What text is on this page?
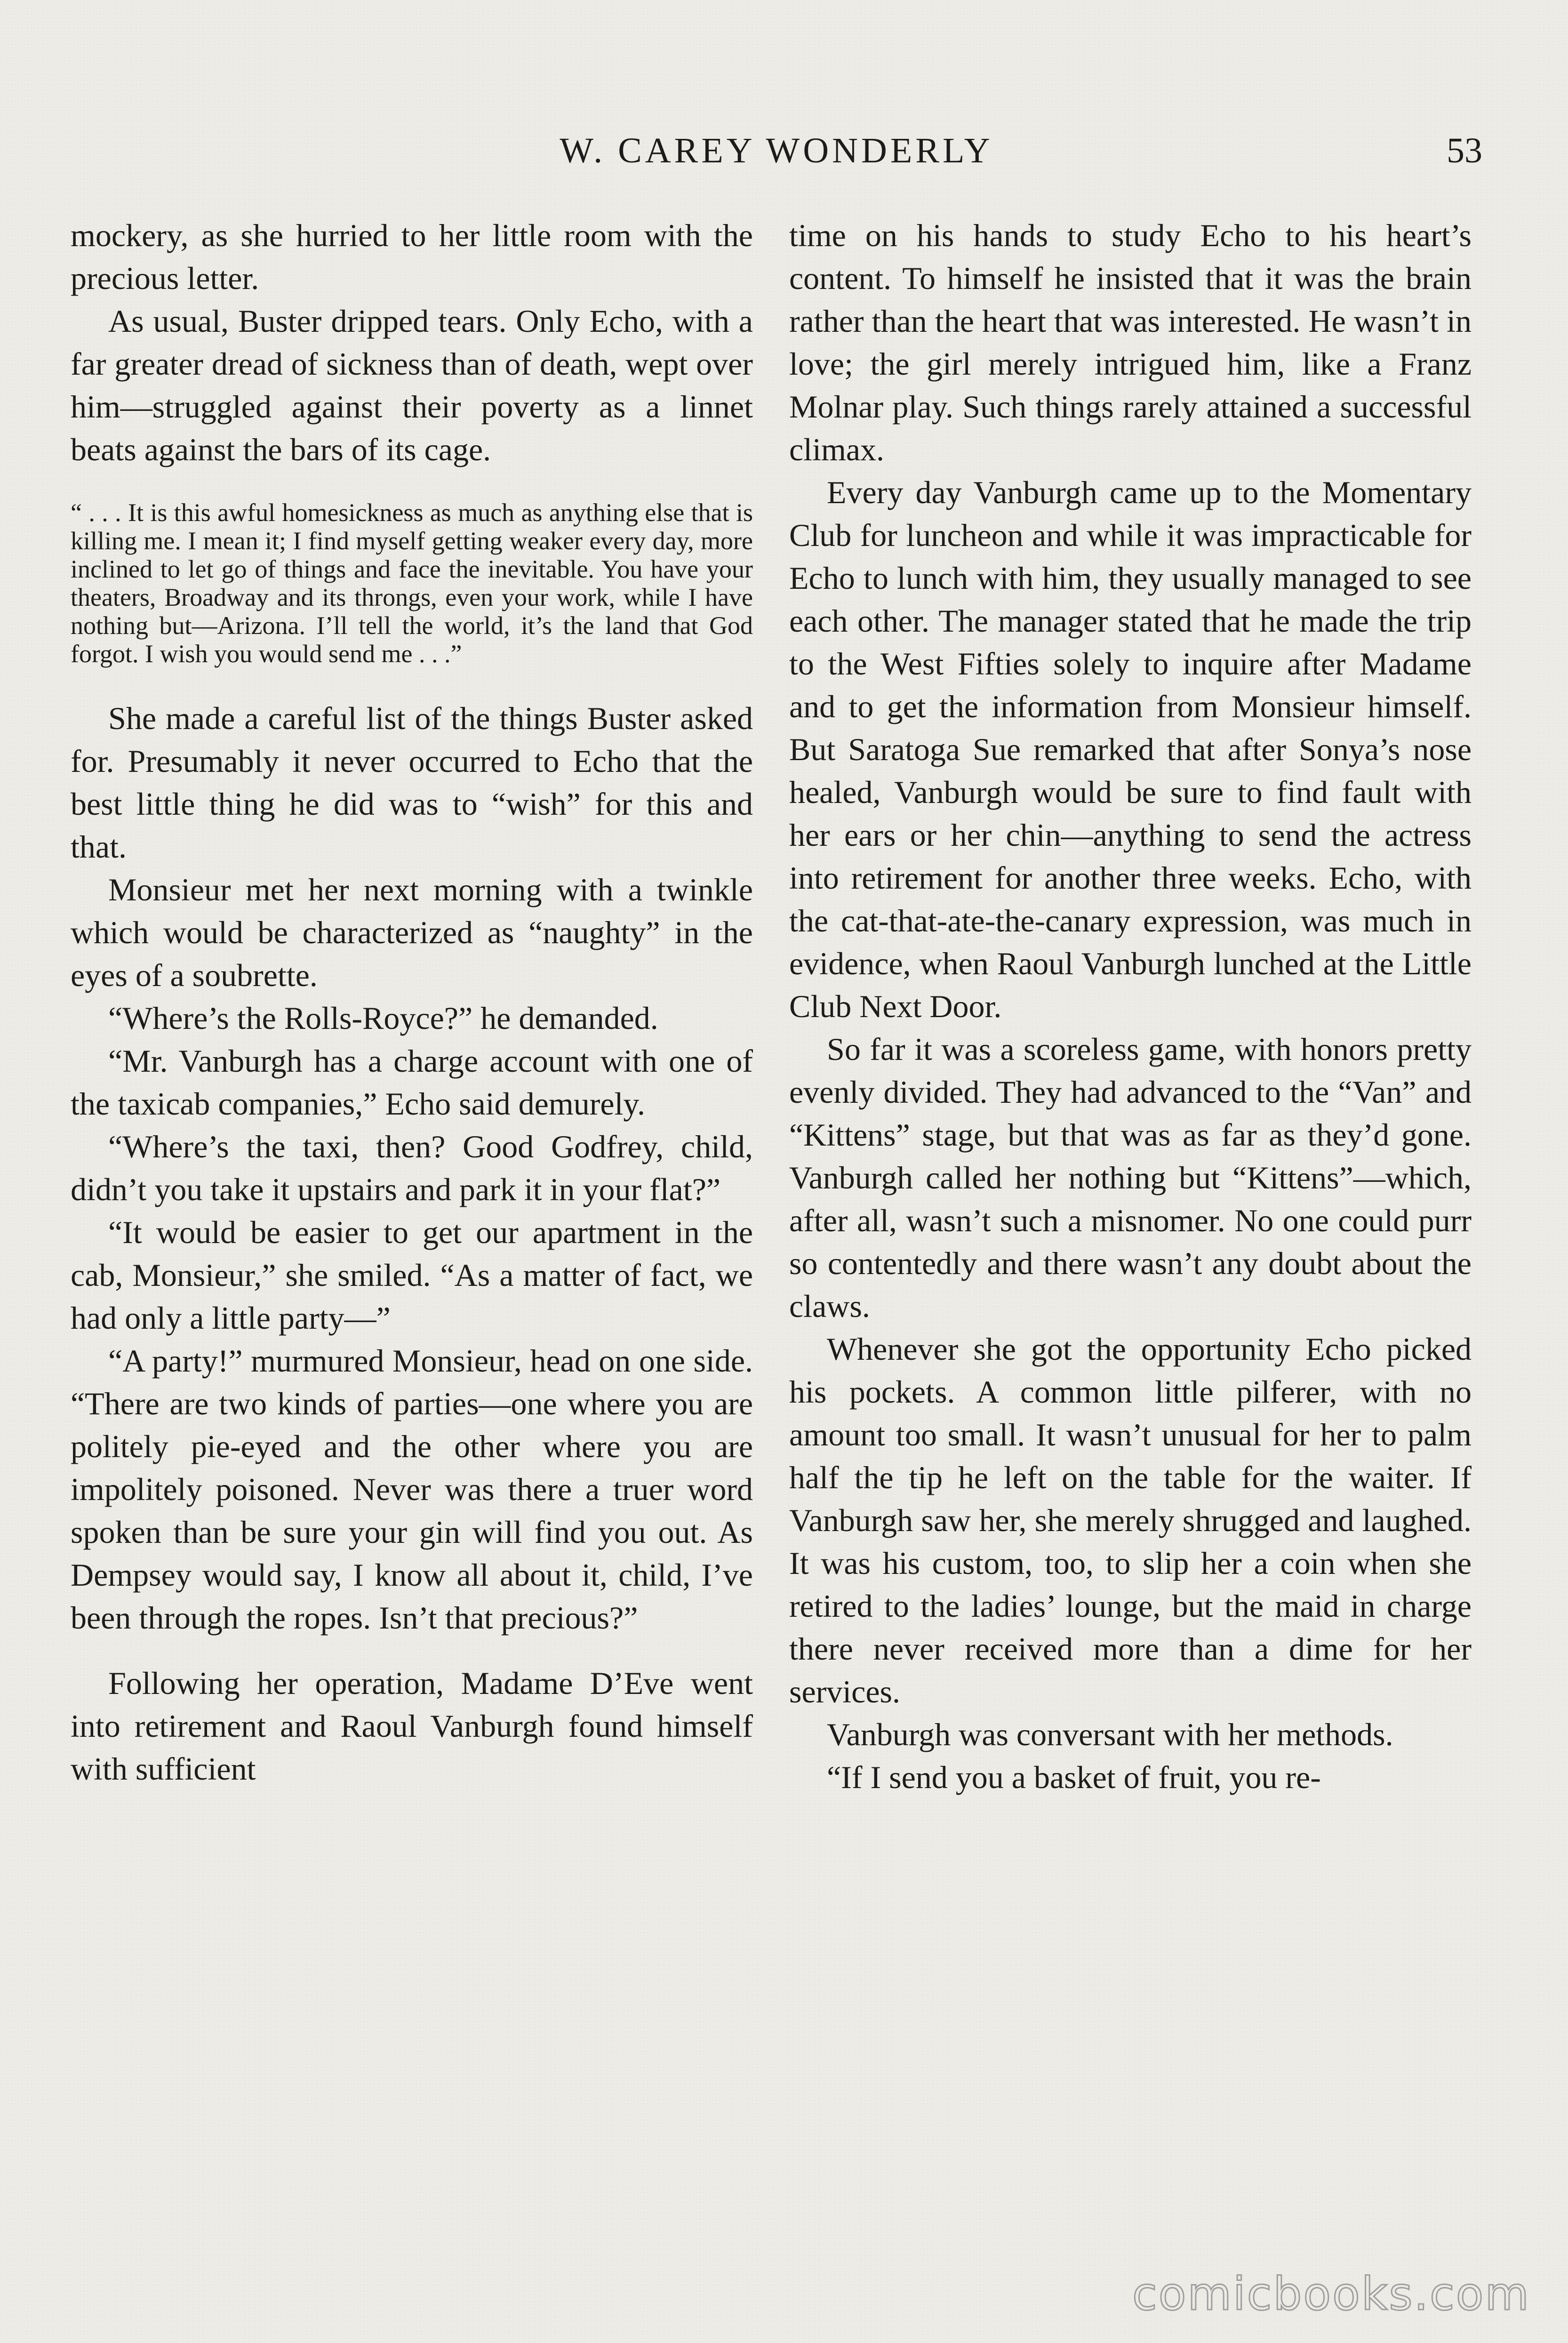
W. CAREY WONDERLY	53

mockery, as she hurried to her little room with the precious letter.

As usual, Buster dripped tears. Only Echo, with a far greater dread of sickness than of death, wept over him—struggled against their poverty as a linnet beats against the bars of its cage.

“ . . . It is this awful homesickness as much as anything else that is killing me. I mean it; I find myself getting weaker every day, more inclined to let go of things and face the inevitable. You have your theaters, Broadway and its throngs, even your work, while I have nothing but—Arizona. I’ll tell the world, it’s the land that God forgot. I wish you would send me . . .”

She made a careful list of the things Buster asked for. Presumably it never occurred to Echo that the best little thing he did was to “wish” for this and that.

Monsieur met her next morning with a twinkle which would be characterized as “naughty” in the eyes of a soubrette.

“Where’s the Rolls-Royce?” he demanded.

“Mr. Vanburgh has a charge account with one of the taxicab companies,” Echo said demurely.

“Where’s the taxi, then? Good Godfrey, child, didn’t you take it upstairs and park it in your flat?”

“It would be easier to get our apartment in the cab, Monsieur,” she smiled. “As a matter of fact, we had only a little party—”

“A party!” murmured Monsieur, head on one side. “There are two kinds of parties—one where you are politely pie-eyed and the other where you are impolitely poisoned. Never was there a truer word spoken than be sure your gin will find you out. As Dempsey would say, I know all about it, child, I’ve been through the ropes. Isn’t that precious?”

Following her operation, Madame D’Eve went into retirement and Raoul Vanburgh found himself with sufficient

time on his hands to study Echo to his heart’s content. To himself he insisted that it was the brain rather than the heart that was interested. He wasn’t in love; the girl merely intrigued him, like a Franz Molnar play. Such things rarely attained a successful climax.

Every day Vanburgh came up to the Momentary Club for luncheon and while it was impracticable for Echo to lunch with him, they usually managed to see each other. The manager stated that he made the trip to the West Fifties solely to inquire after Madame and to get the information from Monsieur himself. But Saratoga Sue remarked that after Sonya’s nose healed, Vanburgh would be sure to find fault with her ears or her chin—anything to send the actress into retirement for another three weeks. Echo, with the cat-that-ate-the-canary expression, was much in evidence, when Raoul Vanburgh lunched at the Little Club Next Door.

So far it was a scoreless game, with honors pretty evenly divided. They had advanced to the “Van” and “Kittens” stage, but that was as far as they’d gone. Vanburgh called her nothing but “Kittens”—which, after all, wasn’t such a misnomer. No one could purr so contentedly and there wasn’t any doubt about the claws.

Whenever she got the opportunity Echo picked his pockets. A common little pilferer, with no amount too small. It wasn’t unusual for her to palm half the tip he left on the table for the waiter. If Vanburgh saw her, she merely shrugged and laughed. It was his custom, too, to slip her a coin when she retired to the ladies’ lounge, but the maid in charge there never received more than a dime for her services.

Vanburgh was conversant with her methods.

“If I send you a basket of fruit, you re-

comicbooks.com
